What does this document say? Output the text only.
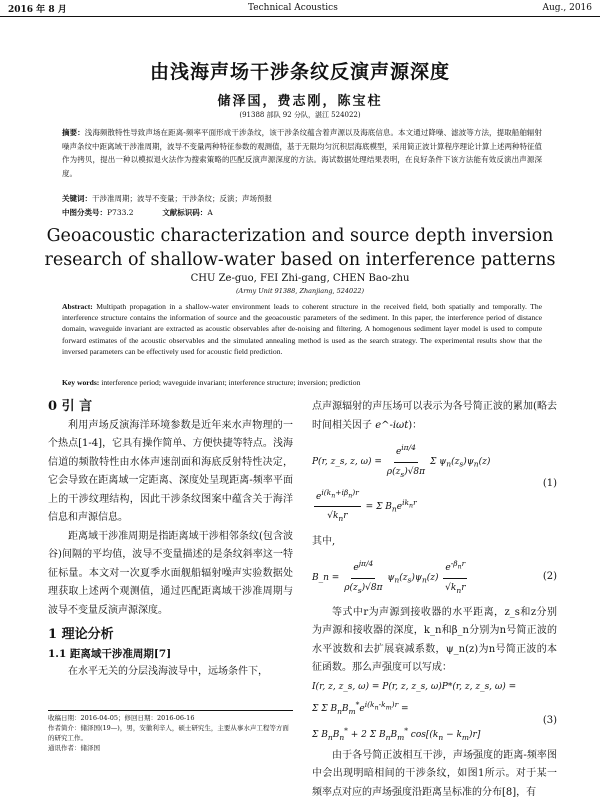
2016 年 8 月	Technical Acoustics	Aug., 2016
由浅海声场干涉条纹反演声源深度
储泽国，费志刚，陈宝柱
(91388 部队 92 分队，湛江 524022)
摘要：浅海频散特性导致声场在距离-频率平面形成干涉条纹，该干涉条纹蕴含着声源以及海底信息。本文通过降噪、滤波等方法，提取船舶辐射噪声条纹中距离域干涉准周期，波导不变量两种特征参数的观测值，基于无限均匀沉积层海底模型，采用简正波计算程序理论计算上述两种特征值作为拷贝，提出一种以模拟退火法作为搜索策略的匹配反演声源深度的方法。海试数据处理结果表明，在良好条件下该方法能有效反演出声源深度。
关键词：干涉准周期；波导不变量；干涉条纹；反演；声场预报
中图分类号：P733.2	文献标识码：A
Geoacoustic characterization and source depth inversion research of shallow-water based on interference patterns
CHU Ze-guo, FEI Zhi-gang, CHEN Bao-zhu
(Army Unit 91388, Zhanjiang, 524022)
Abstract: Multipath propagation in a shallow-water environment leads to coherent structure in the received field, both spatially and temporally. The interference structure contains the information of source and the geoacoustic parameters of the sediment. In this paper, the interference period of distance domain, waveguide invariant are extracted as acoustic observables after de-noising and filtering. A homogenous sediment layer model is used to compute forward estimates of the acoustic observables and the simulated annealing method is used as the search strategy. The experimental results show that the inversed parameters can be effectively used for acoustic field prediction.
Key words: interference period; waveguide invariant; interference structure; inversion; prediction
0 引 言

利用声场反演海洋环境参数是近年来水声物理的一个热点[1-4]，它具有操作简单、方便快捷等特点。浅海信道的频散特性由水体声速剖面和海底反射特性决定，它会导致在距离域一定距离、深度处呈现距离-频率平面上的干涉纹理结构，因此干涉条纹图案中蕴含关于海洋信息和声源信息。

距离域干涉准周期是指距离域干涉相邻条纹(包含波谷)间隔的平均值，波导不变量描述的是条纹斜率这一特征标量。本文对一次夏季水面舰船辐射噪声实验数据处理获取上述两个观测值，通过匹配距离域干涉准周期与波导不变量反演声源深度。

1 理论分析
1.1 距离域干涉准周期[7]

在水平无关的分层浅海波导中，远场条件下，

点声源辐射的声压场可以表示为各号简正波的累加(略去时间相关因子 e^-iωt)：

P(r, z_s, z, $\omega) = \frac{e^{i\pi/4}}{\rho(z_s)√8\pi}$ Σ $\psi_n(z_s)\psi_n(z)$
$\frac{e^{i(k_n+i\beta_n)r}}{√k_nr} = \Sigma$ $B_ne^{ik_nr}$
(1)

其中,

B_n = $\frac{e^{j\pi/4}}{\rho(z_s)√8\pi} \psi_n(z_s)\psi_n(z) \frac{e^{-\beta_nr}}{√k_nr}$	(2)

等式中r为声源到接收器的水平距离，z_s和z分别为声源和接收器的深度，k_n和β_n分别为n号简正波的水平波数和去扩展衰减系数，ψ_n(z)为n号简正波的本征函数。那么声强度可以写成：

I(r, z, z_s, ω) = P(r, z, z_s, ω)P*(r, z, z_s, ω) =
Σ Σ $B_nB_m^*e^{i(k_n-k_m)r}$ =
Σ $B_nB_n^* + 2$ Σ $B_nB_m^*$ $\cos[(k_n - k_m)r]$
(3)

由于各号简正波相互干涉，声场强度的距离-频率图中会出现明暗相间的干涉条纹，如图1所示。对于某一频率点对应的声场强度沿距离呈标准的分布[8]，有

收稿日期：2016-04-05；修回日期：2016-06-16
作者简介：储泽国(19—)，男，安徽利辛人，硕士研究生，主要从事水声工程等方面的研究工作。
通讯作者：储泽国
